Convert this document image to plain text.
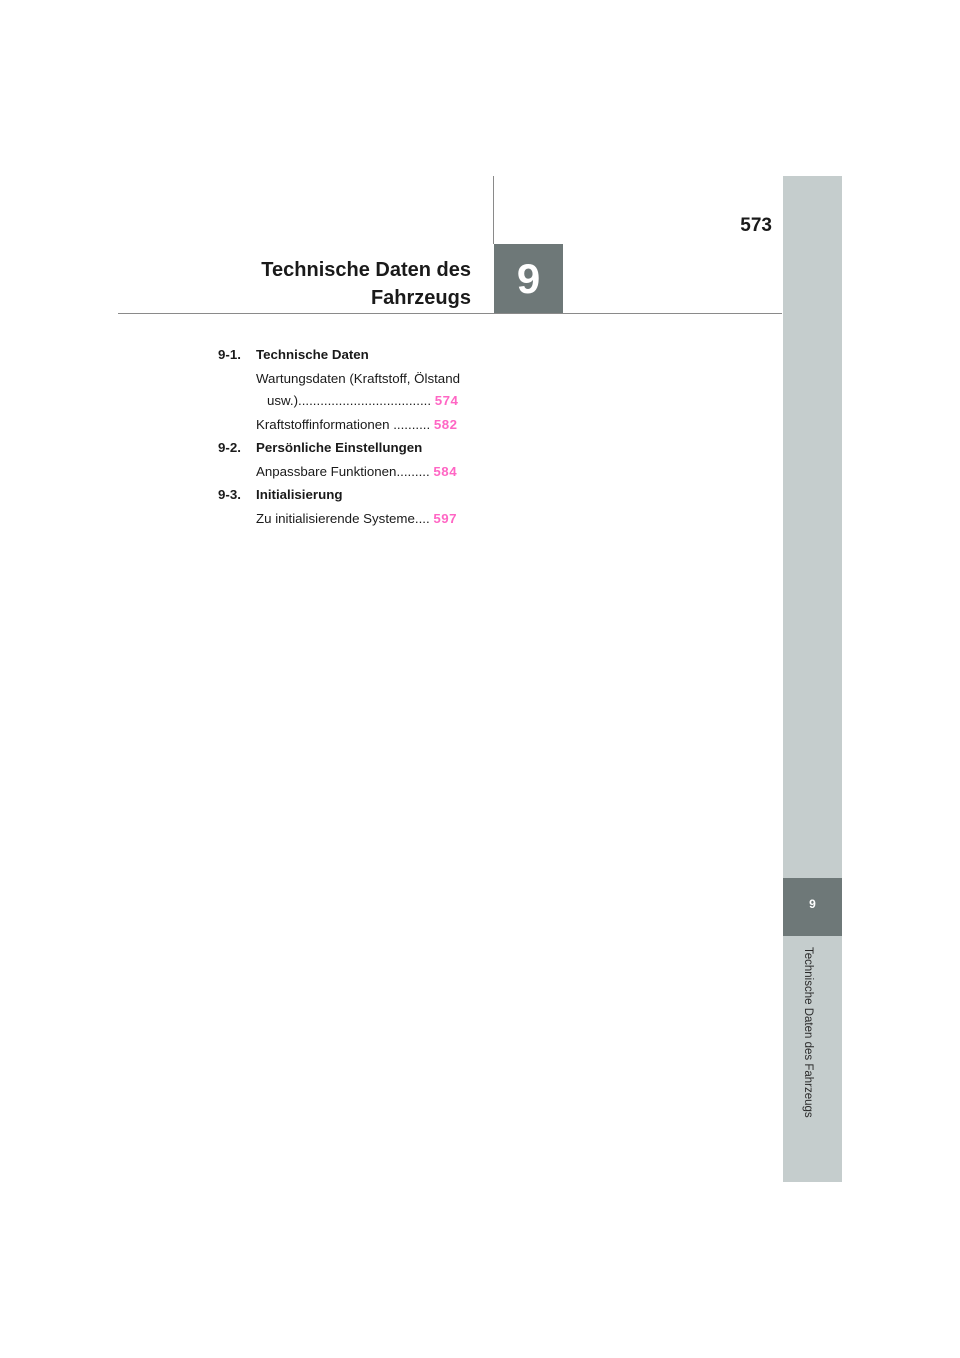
9
Technische Daten des Fahrzeugs
573
Technische Daten des
Fahrzeugs 9
9-1. Technische Daten
Wartungsdaten (Kraftstoff, Ölstand
usw.).................................... 574
Kraftstoffinformationen .......... 582
9-2. Persönliche Einstellungen
Anpassbare Funktionen......... 584
9-3. Initialisierung
Zu initialisierende Systeme.... 597
